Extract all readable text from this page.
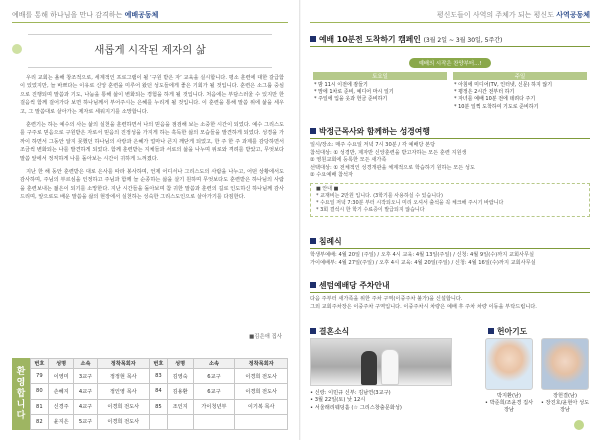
예배를 통해 하나님을 만나 감격하는 예배공동체
새롭게 시작된 제자의 삶

우리 교회는 올해 창조적으로, 세계적인 프로그램이 될 ‘구원 받은 자’ 교육을 실시합니다. 평소 훈련에 대한 갈급함이 있었지만, 늘 바쁘다는 이유로 신앙 훈련을 미루어 왔던 성도들에게 좋은 기회가 될 것입니다. 훈련은 소그룹 중심으로 진행되며 말씀과 기도, 나눔을 통해 삶이 변화되는 경험을 하게 될 것입니다. 처음에는 부담스러울 수 있지만 한 걸음씩 함께 걸어가다 보면 하나님께서 부어주시는 은혜를 누리게 될 것입니다. 이 훈련을 통해 말씀 위에 삶을 세우고, 그 말씀대로 살아가는 제자로 세워지기를 소망합니다.

훈련기는 하는 예수의 사는 삶의 실천을 훈련하면서 나의 믿음을 점검해 보는 소중한 시간이 되었다. 예수 그리스도를 구주로 믿음으로 구원받은 자로서 믿음의 진정성을 가지게 하는 혹독한 삶의 모습들을 발견하게 되었다. 성경을 가까이 하면서 그동안 알지 못했던 하나님의 사랑과 은혜가 얼마나 큰지 깨닫게 되었고, 한 주 한 주 과제를 감당하면서 조금씩 변화되는 나를 발견하게 되었다. 함께 훈련받는 지체들과 서로의 삶을 나누며 위로와 격려를 받았고, 무엇보다 말씀 앞에서 정직하게 나를 돌아보는 시간이 귀하게 느껴졌다.

지난 한 해 동안 훈련받은 대로 은사를 따라 봉사하며, 언제 어디서나 그리스도의 사람을 나누고, 어떤 상황에서도 감사하며, 주님의 부르심을 인정하고 주님과 함께 늘 순종하는 삶을 살기 원하며 무엇보다도 훈련받은 하나님의 사람을 훈련보내는 젊은이 되기를 소망한다. 지난 시간들을 돌아보며 참 귀한 말씀과 훈련의 길로 인도하신 하나님께 감사드리며, 앞으로도 배운 말씀을 삶의 현장에서 실천하는 성숙한 그리스도인으로 살아가기를 다짐한다.

■김은애 집사
환
영
합
니
다
번호	성명	소속	정착목회자	번호	성명	소속	정착목회자
79	이영미	3교구	정정현 목사	83	김영숙	6교구	이경희 전도사
80	손혜지	4교구	정인영 목사	84	김용환	6교구	이경희 전도사
81	신경주	4교구	이경희 전도사	85	조인지	가이청년부	이기복 목사
82	윤지은	5교구	이경희 전도사				
평신도들이 사역의 주체가 되는 평신도 사역공동체
예배 10분전 도착하기 캠페인 (3월 2일 ~ 3월 30일, 5주간)
예배의 시작은 찬양부터...!
토요일
* 밤 11시 이전에 잠들기
* 맘에 1차로 준비, 예디어 마시 일기
* 주일에 입을 옷과 헌금 준비하기
주일
* 아침에 미디어(TV, 인터넷, 신문) 하지 않기
* 평정은 2시간 전부터 하기
* 자녀를 예배 10분 전에 데려다 주기
* 10분 일찍 도착하여 기도로 준비하기
박정근목사와 함께하는 성경여행
일시/장소: 매주 수요일 저녁 7시 30분 / 각 예배당 본당
참석대상: ① 성경반, 제자반 신앙훈련을 받고자하는 모든 훈련 지원생
② 영원교회에 등록한 모든 새가족
선택대상: ① 전체적인 성경개관을 체계적으로 학습하기 원하는 모든 성도
② 수요예배 참석자
■ 안내 ■
* 교재비는 2만원 입니다. (3학기를 사용하실 수 있습니다)
* 수요일 저녁 7:30분 부터 시작되오니 미리 오셔서 출석을 꼭 체크해 주시기 바랍니다
* 3회 결석시 한 학기 수료증이 발급되지 않습니다
침례식
학생부예배: 4월 20일 (주일) / 오후 4시 교육: 4월 13일(주일) / 신청: 4월 9일(수)까지 교회사무실
가이예배부: 4월 27일(주일) / 오후 4시 교육: 4월 20일(주일) / 신청: 4월 16일(수)까지 교회사무실
센텀예배당 주차안내
다음 주부터 새가족을 위한 주차 구역(이중주차 불가)을 신설합니다.
그외 교회주차장은 이중주차 구역입니다. 이중주차시 차량은 예배 후 주차 차량 이동을 부탁드립니다.
결혼소식	헌아기도
• 신랑: 이민규 신부: 김남연(3교구)
• 3월 22일(토) 낮 12시
• 서울래리웨딩홀 (☆ 그리스창출문화성)
박지환(남)
• 박준희/조윤경 집사 장남
장헌결(남)
• 장진호/윤현아 성도 장남
